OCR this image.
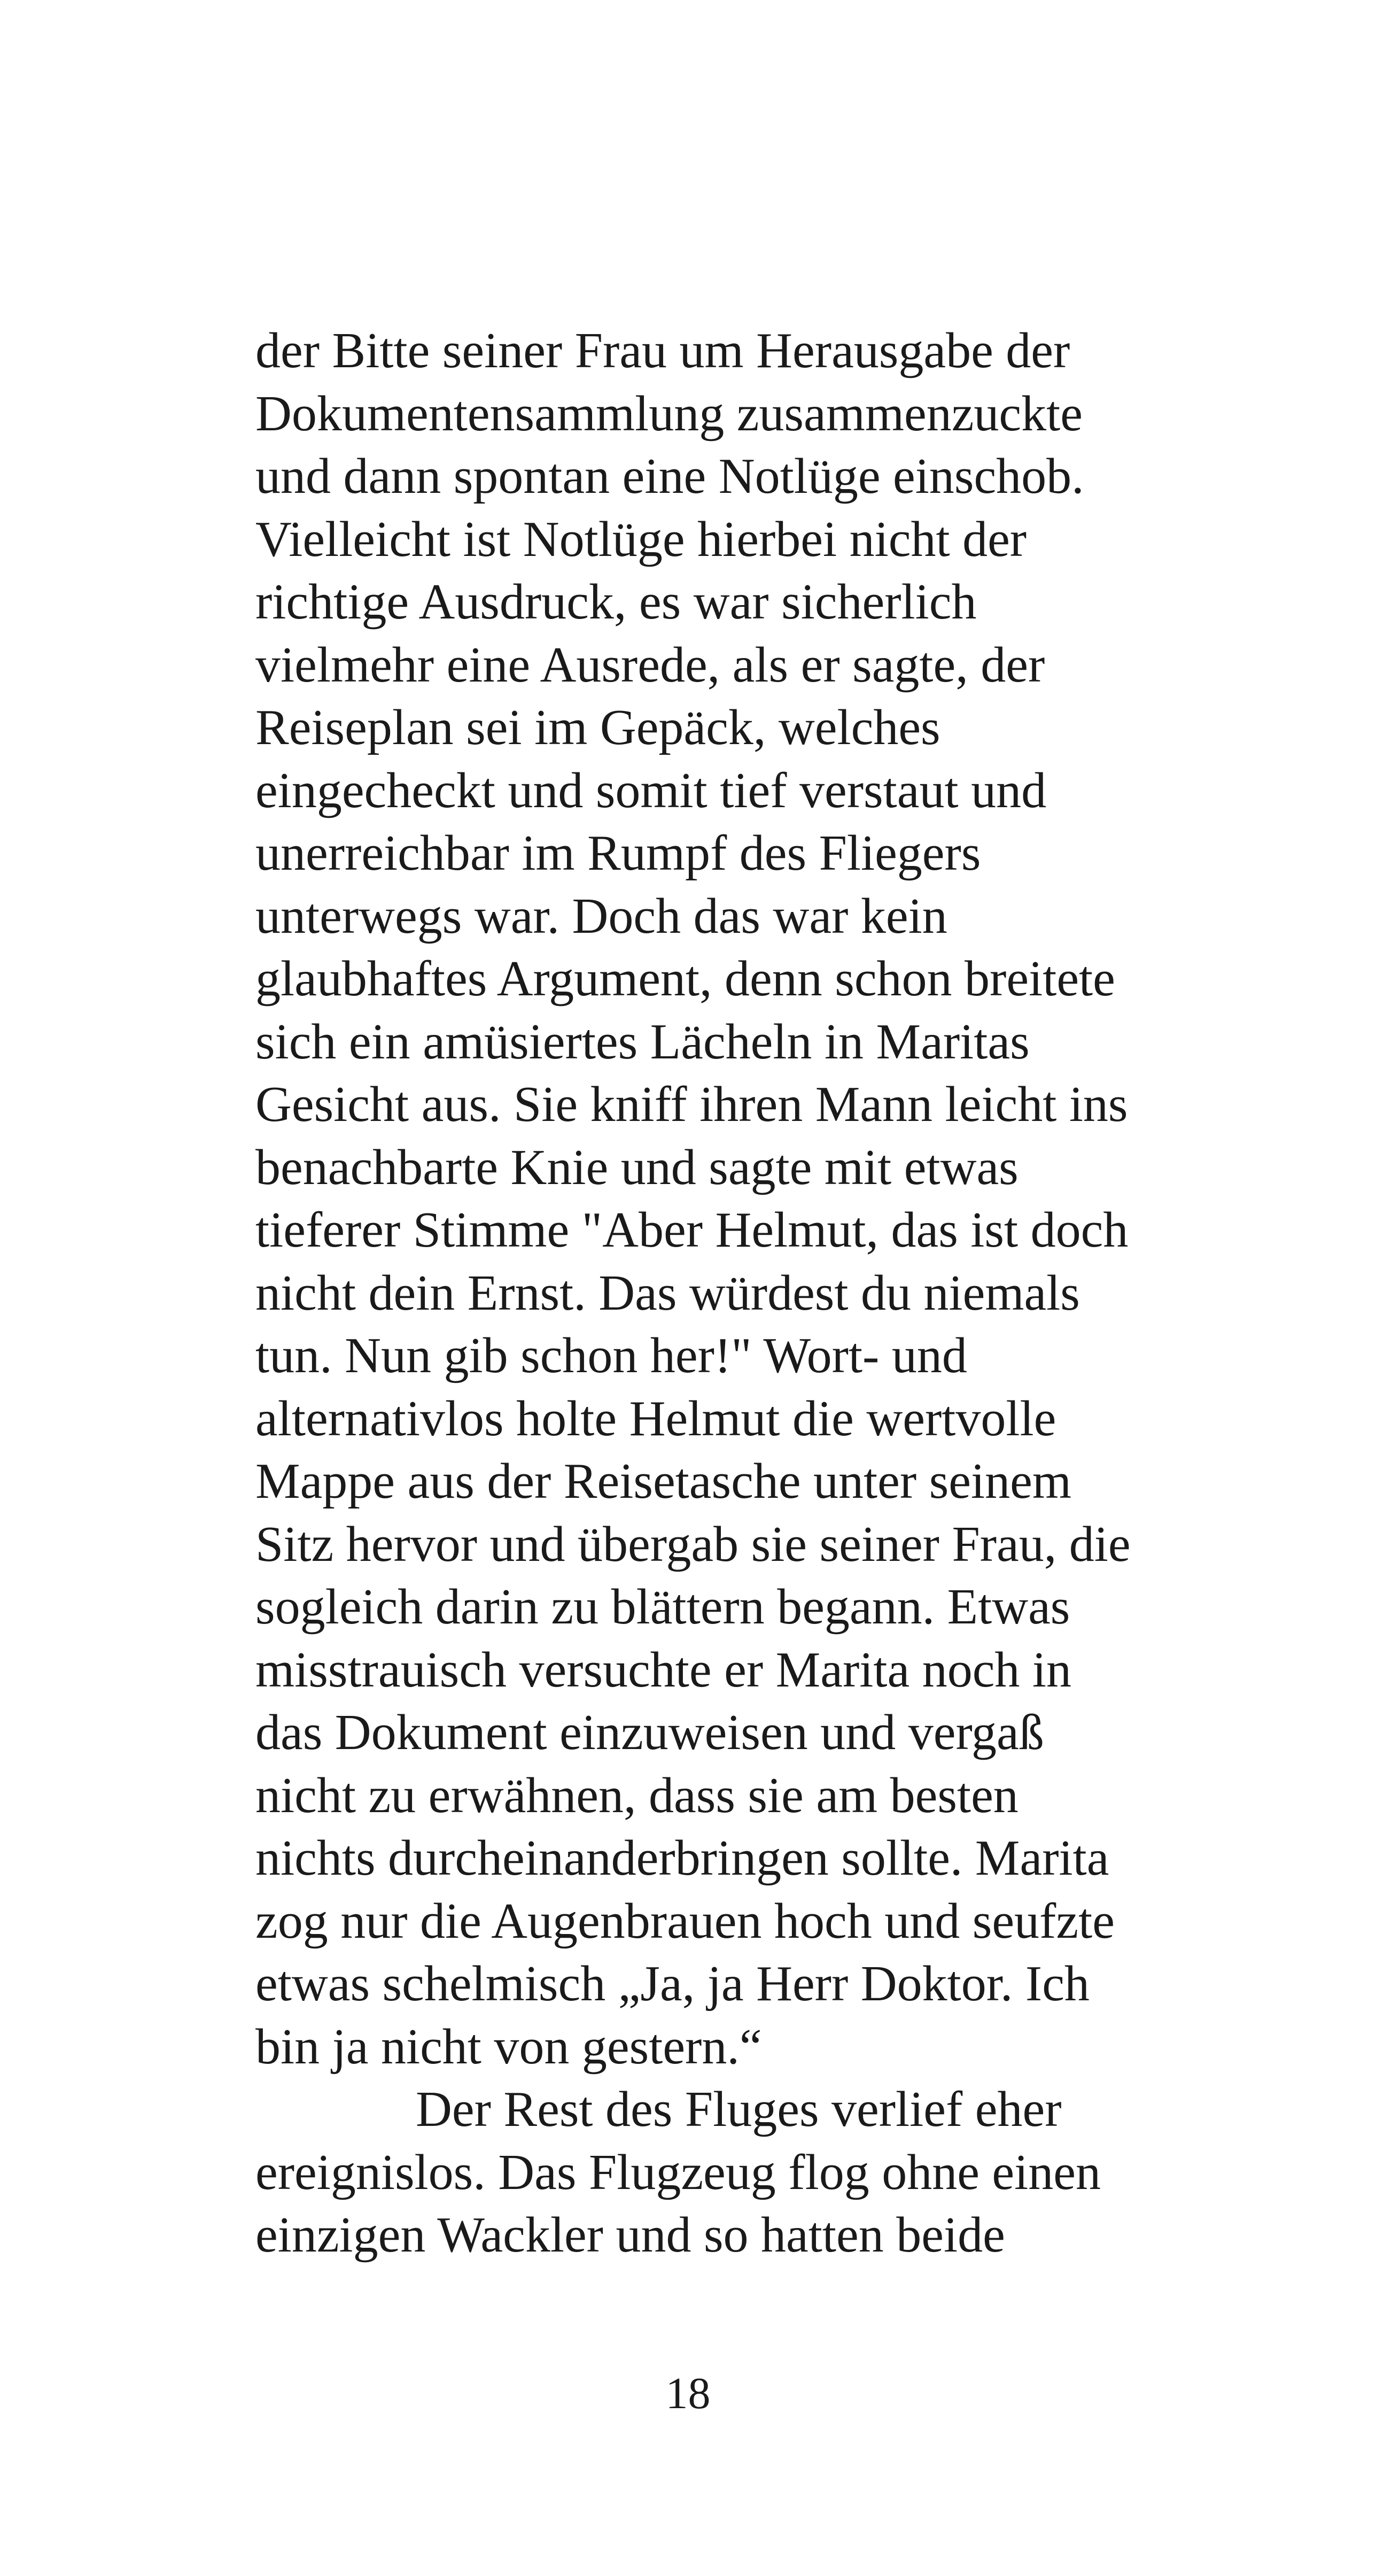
der Bitte seiner Frau um Herausgabe der
Dokumentensammlung zusammenzuckte
und dann spontan eine Notlüge einschob.
Vielleicht ist Notlüge hierbei nicht der
richtige Ausdruck, es war sicherlich
vielmehr eine Ausrede, als er sagte, der
Reiseplan sei im Gepäck, welches
eingecheckt und somit tief verstaut und
unerreichbar im Rumpf des Fliegers
unterwegs war. Doch das war kein
glaubhaftes Argument, denn schon breitete
sich ein amüsiertes Lächeln in Maritas
Gesicht aus. Sie kniff ihren Mann leicht ins
benachbarte Knie und sagte mit etwas
tieferer Stimme "Aber Helmut, das ist doch
nicht dein Ernst. Das würdest du niemals
tun. Nun gib schon her!" Wort- und
alternativlos holte Helmut die wertvolle
Mappe aus der Reisetasche unter seinem
Sitz hervor und übergab sie seiner Frau, die
sogleich darin zu blättern begann. Etwas
misstrauisch versuchte er Marita noch in
das Dokument einzuweisen und vergaß
nicht zu erwähnen, dass sie am besten
nichts durcheinanderbringen sollte. Marita
zog nur die Augenbrauen hoch und seufzte
etwas schelmisch „Ja, ja Herr Doktor. Ich
bin ja nicht von gestern.“
Der Rest des Fluges verlief eher
ereignislos. Das Flugzeug flog ohne einen
einzigen Wackler und so hatten beide
18
